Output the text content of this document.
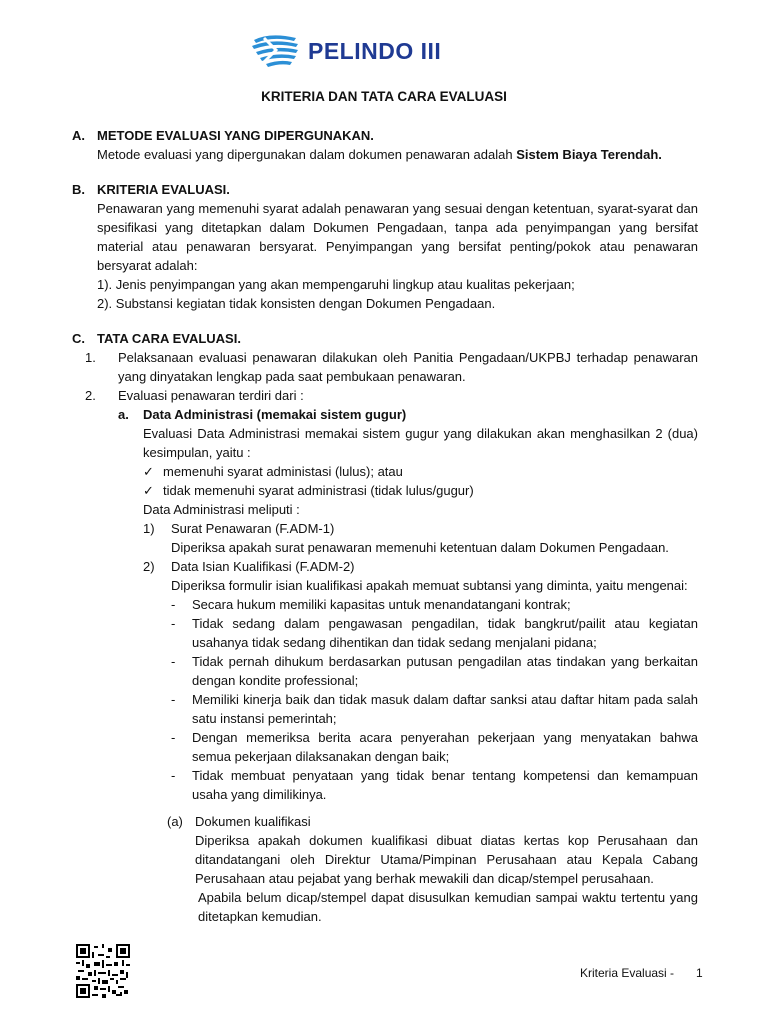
PELINDO III
KRITERIA DAN TATA CARA EVALUASI
A. METODE EVALUASI YANG DIPERGUNAKAN.
Metode evaluasi yang dipergunakan dalam dokumen penawaran adalah Sistem Biaya Terendah.
B. KRITERIA EVALUASI.
Penawaran yang memenuhi syarat adalah penawaran yang sesuai dengan ketentuan, syarat-syarat dan spesifikasi yang ditetapkan dalam Dokumen Pengadaan, tanpa ada penyimpangan yang bersifat material atau penawaran bersyarat. Penyimpangan yang bersifat penting/pokok atau penawaran bersyarat adalah:
1). Jenis penyimpangan yang akan mempengaruhi lingkup atau kualitas pekerjaan;
2). Substansi kegiatan tidak konsisten dengan Dokumen Pengadaan.
C. TATA CARA EVALUASI.
1.	Pelaksanaan evaluasi penawaran dilakukan oleh Panitia Pengadaan/UKPBJ terhadap penawaran yang dinyatakan lengkap pada saat pembukaan penawaran.
2.	Evaluasi penawaran terdiri dari :
a.	Data Administrasi (memakai sistem gugur)
Evaluasi Data Administrasi memakai sistem gugur yang dilakukan akan menghasilkan 2 (dua) kesimpulan, yaitu :
✓ memenuhi syarat administasi (lulus); atau
✓ tidak memenuhi syarat administrasi (tidak lulus/gugur)
Data Administrasi meliputi :
1)	Surat Penawaran (F.ADM-1)
Diperiksa apakah surat penawaran memenuhi ketentuan dalam Dokumen Pengadaan.
2)	Data Isian Kualifikasi (F.ADM-2)
Diperiksa formulir isian kualifikasi apakah memuat subtansi yang diminta, yaitu mengenai:
-	Secara hukum memiliki kapasitas untuk menandatangani kontrak;
-	Tidak sedang dalam pengawasan pengadilan, tidak bangkrut/pailit atau kegiatan usahanya tidak sedang dihentikan dan tidak sedang menjalani pidana;
-	Tidak pernah dihukum berdasarkan putusan pengadilan atas tindakan yang berkaitan dengan kondite professional;
-	Memiliki kinerja baik dan tidak masuk dalam daftar sanksi atau daftar hitam pada salah satu instansi pemerintah;
-	Dengan memeriksa berita acara penyerahan pekerjaan yang menyatakan bahwa semua pekerjaan dilaksanakan dengan baik;
-	Tidak membuat penyataan yang tidak benar tentang kompetensi dan kemampuan usaha yang dimilikinya.
(a) Dokumen kualifikasi
Diperiksa apakah dokumen kualifikasi dibuat diatas kertas kop Perusahaan dan ditandatangani oleh Direktur Utama/Pimpinan Perusahaan atau Kepala Cabang Perusahaan atau pejabat yang berhak mewakili dan dicap/stempel perusahaan.
Apabila belum dicap/stempel dapat disusulkan kemudian sampai waktu tertentu yang ditetapkan kemudian.
Kriteria Evaluasi - 1
